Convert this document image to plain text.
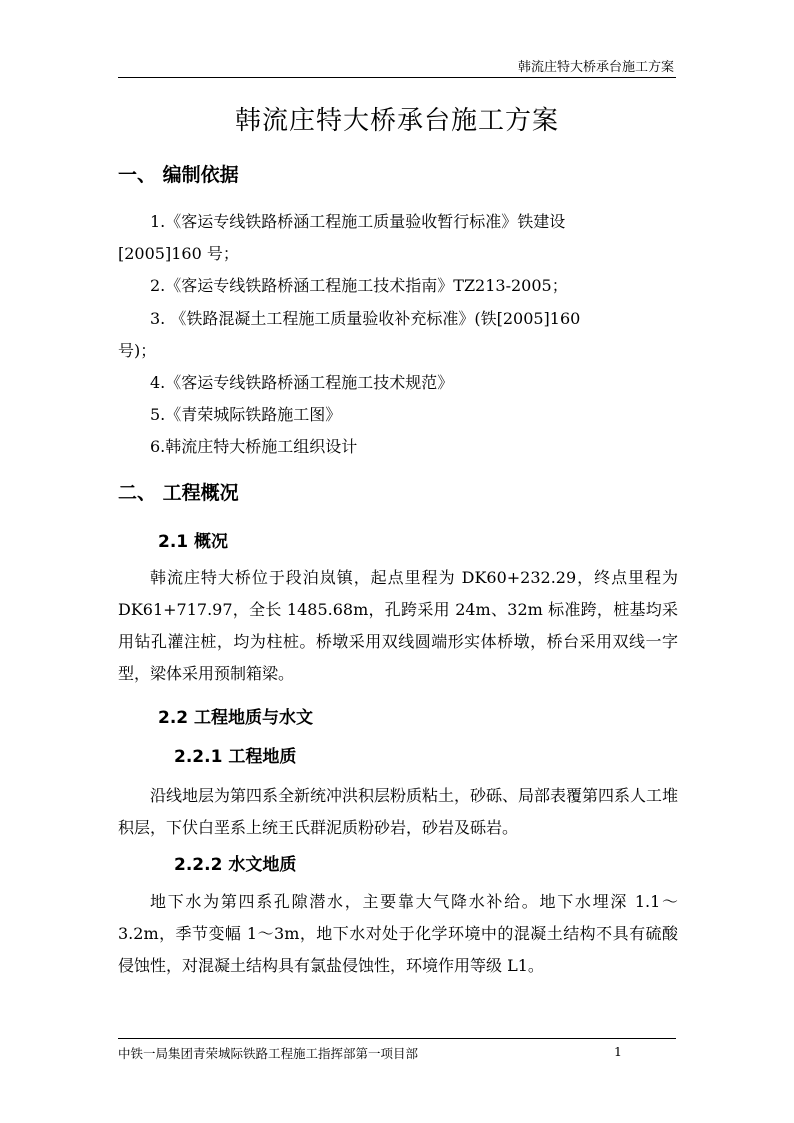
韩流庄特大桥承台施工方案
韩流庄特大桥承台施工方案
一、 编制依据
1.《客运专线铁路桥涵工程施工质量验收暂行标准》铁建设
[2005]160 号；
2.《客运专线铁路桥涵工程施工技术指南》TZ213-2005；
3. 《铁路混凝土工程施工质量验收补充标准》(铁[2005]160
号)；
4.《客运专线铁路桥涵工程施工技术规范》
5.《青荣城际铁路施工图》
6.韩流庄特大桥施工组织设计
二、 工程概况
2.1 概况
韩流庄特大桥位于段泊岚镇，起点里程为 DK60+232.29，终点里程为 DK61+717.97，全长 1485.68m，孔跨采用 24m、32m 标准跨，桩基均采用钻孔灌注桩，均为柱桩。桥墩采用双线圆端形实体桥墩，桥台采用双线一字型，梁体采用预制箱梁。
2.2 工程地质与水文
2.2.1 工程地质
沿线地层为第四系全新统冲洪积层粉质粘土，砂砾、局部表覆第四系人工堆积层，下伏白垩系上统王氏群泥质粉砂岩，砂岩及砾岩。
2.2.2 水文地质
地下水为第四系孔隙潜水，主要靠大气降水补给。地下水埋深 1.1～3.2m，季节变幅 1～3m，地下水对处于化学环境中的混凝土结构不具有硫酸侵蚀性，对混凝土结构具有氯盐侵蚀性，环境作用等级 L1。
中铁一局集团青荣城际铁路工程施工指挥部第一项目部	1
